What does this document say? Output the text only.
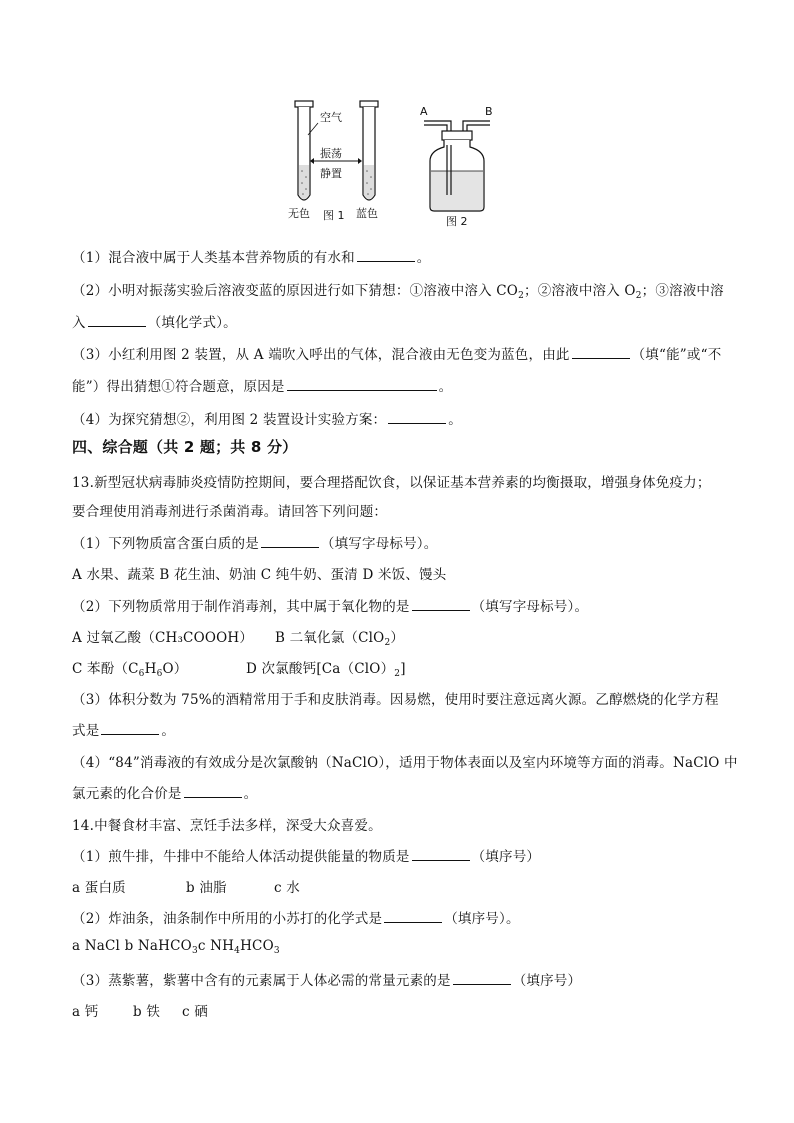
空气
振荡
静置
无色 图 1 蓝色
A	B
图 2
（1）混合液中属于人类基本营养物质的有水和	。
（2）小明对振荡实验后溶液变蓝的原因进行如下猜想：①溶液中溶入 $CO_2$；②溶液中溶入 $O_2$；③溶液中溶
入	（填化学式）。
（3）小红利用图 2 装置，从 A 端吹入呼出的气体，混合液由无色变为蓝色，由此	（填“能”或“不
能”）得出猜想①符合题意，原因是	。
（4）为探究猜想②，利用图 2 装置设计实验方案：	。
四、综合题（共 2 题；共 8 分）
13.新型冠状病毒肺炎疫情防控期间，要合理搭配饮食，以保证基本营养素的均衡摄取，增强身体免疫力；
要合理使用消毒剂进行杀菌消毒。请回答下列问题：
（1）下列物质富含蛋白质的是	（填写字母标号）。
A 水果、蔬菜 B 花生油、奶油 C 纯牛奶、蛋清 D 米饭、馒头
（2）下列物质常用于制作消毒剂，其中属于氧化物的是	（填写字母标号）。
A 过氧乙酸（CH₃COOOH） B 二氧化氯（ClO$_2$）
C 苯酚$(C_6H_6O)$	D 次氯酸钙$[Ca(ClO)_2]$
（3）体积分数为 75%的酒精常用于手和皮肤消毒。因易燃，使用时要注意远离火源。乙醇燃烧的化学方程
式是	。
（4）“84”消毒液的有效成分是次氯酸钠（NaClO），适用于物体表面以及室内环境等方面的消毒。NaClO 中
氯元素的化合价是	。
14.中餐食材丰富、烹饪手法多样，深受大众喜爱。
（1）煎牛排，牛排中不能给人体活动提供能量的物质是	（填序号）
a 蛋白质	b 油脂	c 水
（2）炸油条，油条制作中所用的小苏打的化学式是	（填序号）。
a NaCl b NaHCO$_3$c $NH_4HCO_3$
（3）蒸紫薯，紫薯中含有的元素属于人体必需的常量元素的是	（填序号）
a 钙	b 铁 c 硒
